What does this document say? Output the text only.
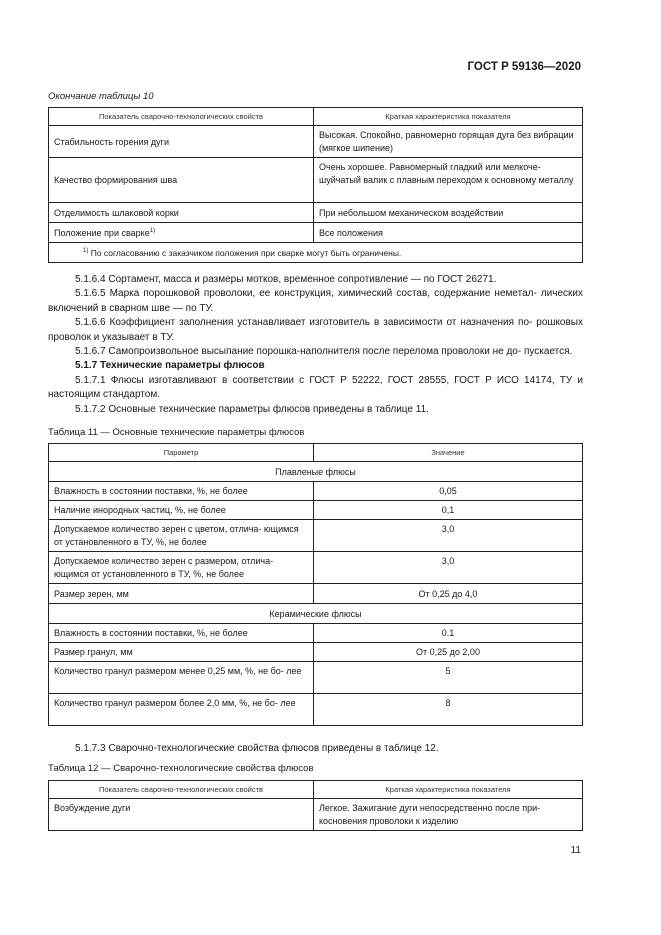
ГОСТ Р 59136—2020
Окончание таблицы 10
Показатель сварочно-технологических свойств	Краткая характеристика показателя
Стабильность горения дуги	Высокая. Спокойно, равномерно горящая дуга без вибрации (мягкое шипение)

Качество формирования шва	Очень хорошее. Равномерный гладкий или мелкоче- шуйчатый валик с плавным переходом к основному металлу

Отделимость шлаковой корки	При небольшом механическом воздействии
Положение при сварке$^{1)}$	Все положения
$^{1)}$ По согласованию с заказчиком положения при сварке могут быть ограничены.	

5.1.6.4 Сортамент, масса и размеры мотков, временное сопротивление — по ГОСТ 26271.

5.1.6.5 Марка порошковой проволоки, ее конструкция, химический состав, содержание неметал- лических включений в сварном шве — по ТУ.

5.1.6.6 Коэффициент заполнения устанавливает изготовитель в зависимости от назначения по- рошковых проволок и указывает в ТУ.

5.1.6.7 Самопроизвольное высыпание порошка-наполнителя после перелома проволоки не до- пускается.

5.1.7 Технические параметры флюсов

5.1.7.1 Флюсы изготавливают в соответствии с ГОСТ Р 52222, ГОСТ 28555, ГОСТ Р ИСО 14174, ТУ и настоящим стандартом.

5.1.7.2 Основные технические параметры флюсов приведены в таблице 11.

Таблица 11 — Основные технические параметры флюсов
Параметр	Значение
Плавленые флюсы	
Влажность в состоянии поставки, %, не более	0,05
Наличие инородных частиц, %, не более	0,1

Допускаемое количество зерен с цветом, отлича- ющимся от установленного в ТУ, %, не более	3,0

Допускаемое количество зерен с размером, отлича- ющимся от установленного в ТУ, %, не более	3,0

Размер зерен, мм	От 0,25 до 4,0
Керамические флюсы	
Влажность в состоянии поставки, %, не более	0.1
Размер гранул, мм	От 0,25 до 2,00

Количество гранул размером менее 0,25 мм, %, не бо- лее	5

Количество гранул размером более 2,0 мм, %, не бо- лее	8

5.1.7.3 Сварочно-технологические свойства флюсов приведены в таблице 12.

Таблица 12 — Сварочно-технологические свойства флюсов
Показатель сварочно-технологических свойств	Краткая характеристика показателя

Возбуждение дуги	Легкое. Зажигание дуги непосредственно после при- косновения проволоки к изделию
11
